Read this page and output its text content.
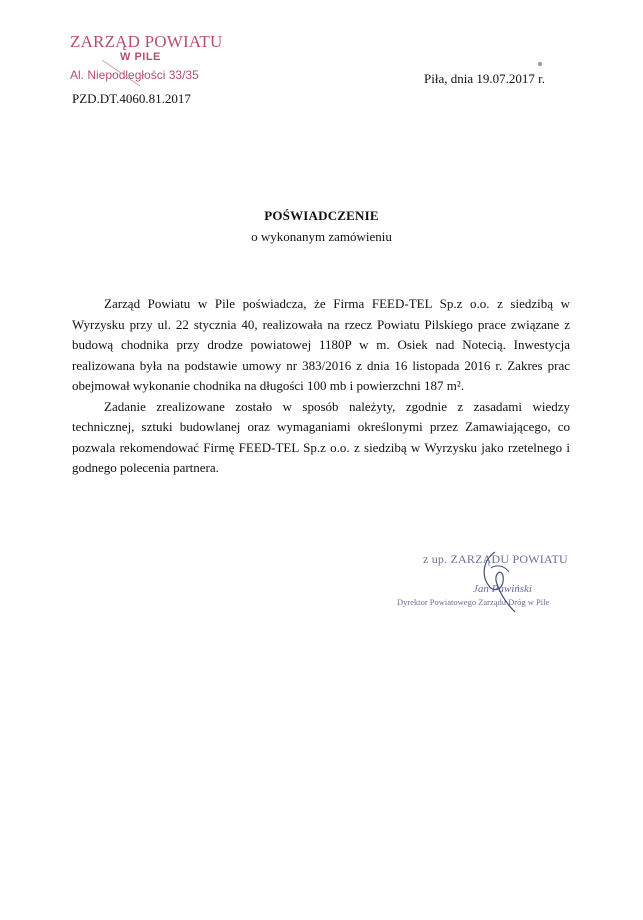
ZARZĄD POWIATU
W PILE
Al. Niepodległości 33/35	Piła, dnia 19.07.2017 r.
PZD.DT.4060.81.2017
POŚWIADCZENIE
o wykonanym zamówieniu

Zarząd Powiatu w Pile poświadcza, że Firma FEED-TEL Sp.z o.o. z siedzibą w Wyrzysku przy ul. 22 stycznia 40, realizowała na rzecz Powiatu Pilskiego prace związane z budową chodnika przy drodze powiatowej 1180P w m. Osiek nad Notecią. Inwestycja realizowana była na podstawie umowy nr 383/2016 z dnia 16 listopada 2016 r. Zakres prac obejmował wykonanie chodnika na długości 100 mb i powierzchni 187 m².

Zadanie zrealizowane zostało w sposób należyty, zgodnie z zasadami wiedzy technicznej, sztuki budowlanej oraz wymaganiami określonymi przez Zamawiającego, co pozwala rekomendować Firmę FEED-TEL Sp.z o.o. z siedzibą w Wyrzysku jako rzetelnego i godnego polecenia partnera.

z up. ZARZĄDU POWIATU
Jan Pawiński
Dyrektor Powiatowego Zarządu Dróg w Pile
